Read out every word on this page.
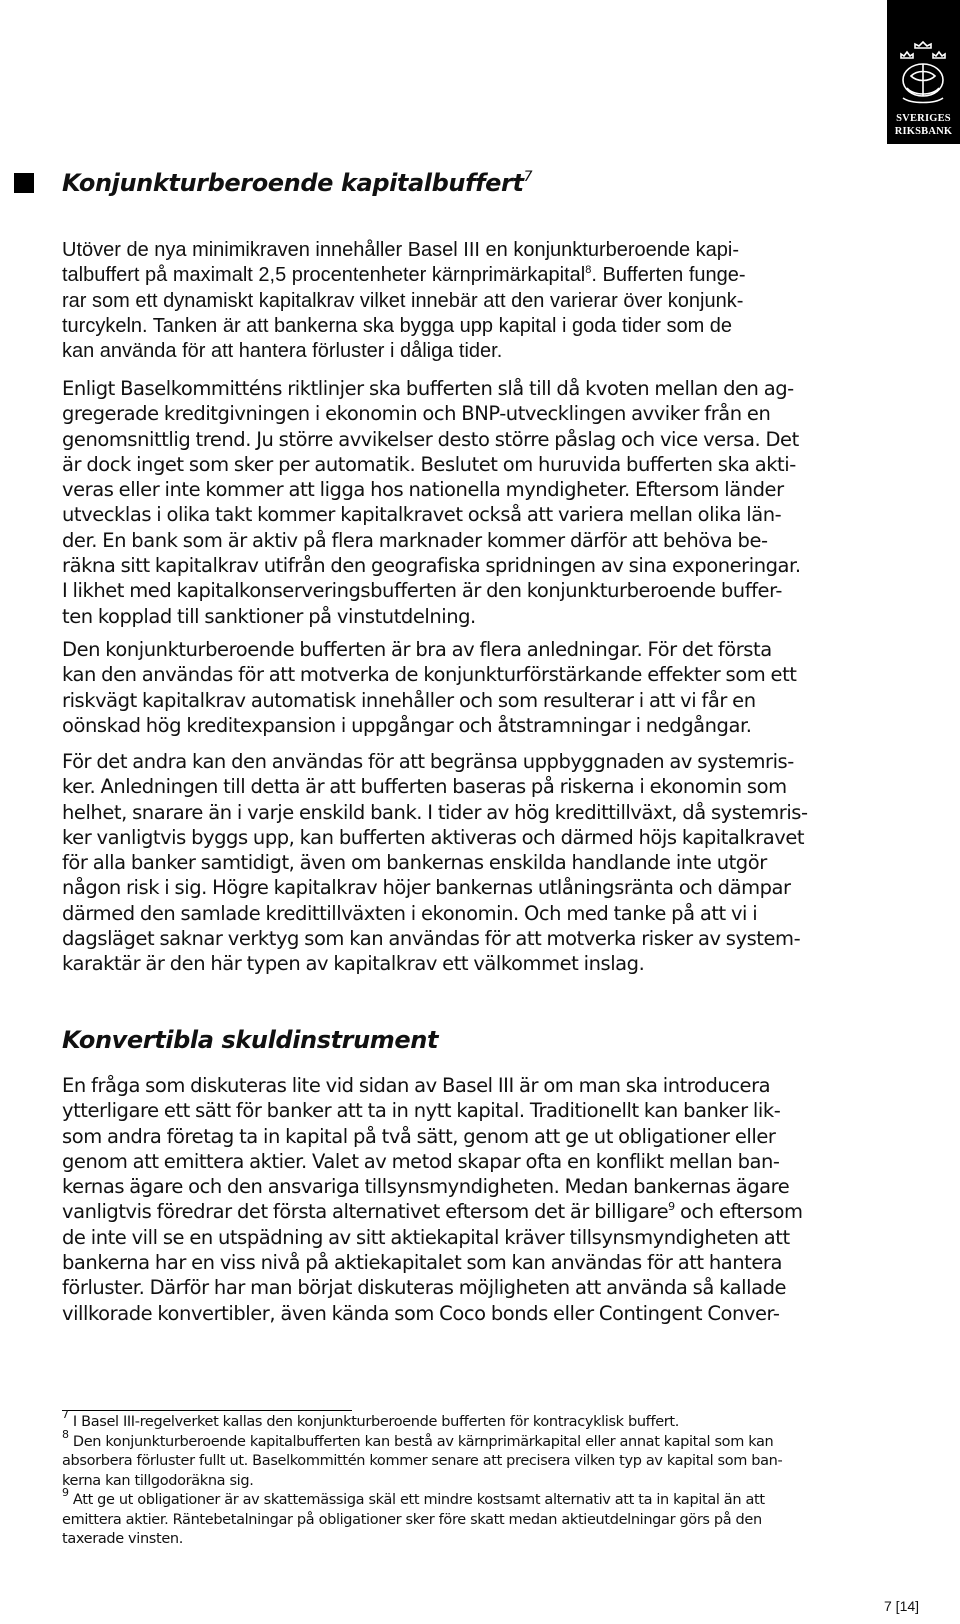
SVERIGES
RIKSBANK
Konjunkturberoende kapitalbuffert$^7$

Utöver de nya minimikraven innehåller Basel III en konjunkturberoende kapi-
talbuffert på maximalt 2,5 procentenheter kärnprimärkapital$^8$. Bufferten funge-
rar som ett dynamiskt kapitalkrav vilket innebär att den varierar över konjunk-
turcykeln. Tanken är att bankerna ska bygga upp kapital i goda tider som de
kan använda för att hantera förluster i dåliga tider.

Enligt Baselkommitténs riktlinjer ska bufferten slå till då kvoten mellan den ag-
gregerade kreditgivningen i ekonomin och BNP-utvecklingen avviker från en
genomsnittlig trend. Ju större avvikelser desto större påslag och vice versa. Det
är dock inget som sker per automatik. Beslutet om huruvida bufferten ska akti-
veras eller inte kommer att ligga hos nationella myndigheter. Eftersom länder
utvecklas i olika takt kommer kapitalkravet också att variera mellan olika län-
der. En bank som är aktiv på flera marknader kommer därför att behöva be-
räkna sitt kapitalkrav utifrån den geografiska spridningen av sina exponeringar.
I likhet med kapitalkonserveringsbufferten är den konjunkturberoende buffer-
ten kopplad till sanktioner på vinstutdelning.

Den konjunkturberoende bufferten är bra av flera anledningar. För det första
kan den användas för att motverka de konjunkturförstärkande effekter som ett
riskvägt kapitalkrav automatisk innehåller och som resulterar i att vi får en
oönskad hög kreditexpansion i uppgångar och åtstramningar i nedgångar.

För det andra kan den användas för att begränsa uppbyggnaden av systemris-
ker. Anledningen till detta är att bufferten baseras på riskerna i ekonomin som
helhet, snarare än i varje enskild bank. I tider av hög kredittillväxt, då systemris-
ker vanligtvis byggs upp, kan bufferten aktiveras och därmed höjs kapitalkravet
för alla banker samtidigt, även om bankernas enskilda handlande inte utgör
någon risk i sig. Högre kapitalkrav höjer bankernas utlåningsränta och dämpar
därmed den samlade kredittillväxten i ekonomin. Och med tanke på att vi i
dagsläget saknar verktyg som kan användas för att motverka risker av system-
karaktär är den här typen av kapitalkrav ett välkommet inslag.

Konvertibla skuldinstrument

En fråga som diskuteras lite vid sidan av Basel III är om man ska introducera
ytterligare ett sätt för banker att ta in nytt kapital. Traditionellt kan banker lik-
som andra företag ta in kapital på två sätt, genom att ge ut obligationer eller
genom att emittera aktier. Valet av metod skapar ofta en konflikt mellan ban-
kernas ägare och den ansvariga tillsynsmyndigheten. Medan bankernas ägare
vanligtvis föredrar det första alternativet eftersom det är billigare$^9$ och eftersom
de inte vill se en utspädning av sitt aktiekapital kräver tillsynsmyndigheten att
bankerna har en viss nivå på aktiekapitalet som kan användas för att hantera
förluster. Därför har man börjat diskuteras möjligheten att använda så kallade
villkorade konvertibler, även kända som Coco bonds eller Contingent Conver-

$^7$ I Basel III-regelverket kallas den konjunkturberoende bufferten för kontracyklisk buffert.

$^8$ Den konjunkturberoende kapitalbufferten kan bestå av kärnprimärkapital eller annat kapital som kan
absorbera förluster fullt ut. Baselkommittén kommer senare att precisera vilken typ av kapital som ban-
kerna kan tillgodoräkna sig.

$^9$ Att ge ut obligationer är av skattemässiga skäl ett mindre kostsamt alternativ att ta in kapital än att
emittera aktier. Räntebetalningar på obligationer sker före skatt medan aktieutdelningar görs på den
taxerade vinsten.

7 [14]
